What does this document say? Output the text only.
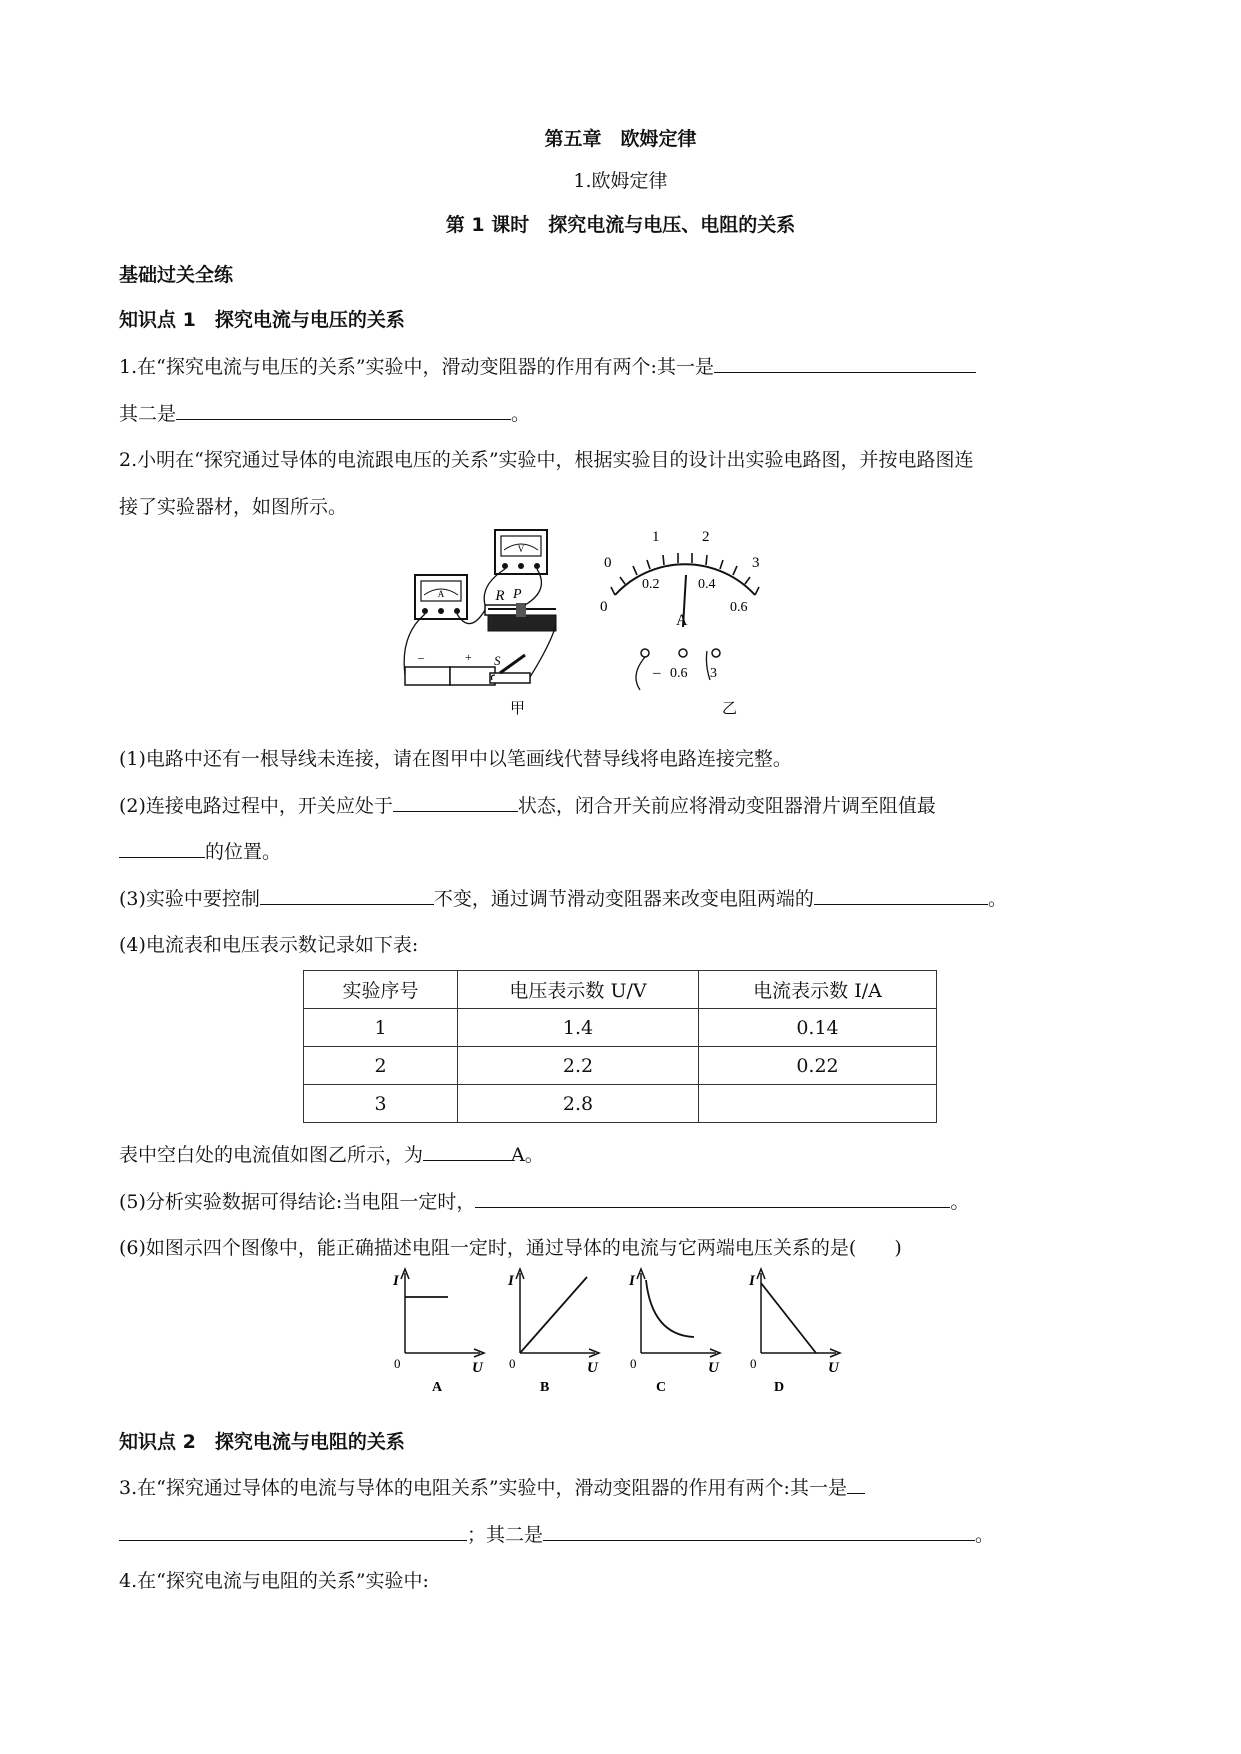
第五章　欧姆定律
1.欧姆定律
第 1 课时　探究电流与电压、电阻的关系
基础过关全练
知识点 1　探究电流与电压的关系
1.在“探究电流与电压的关系”实验中，滑动变阻器的作用有两个:其一是
其二是	。
2.小明在“探究通过导体的电流跟电压的关系”实验中，根据实验目的设计出实验电路图，并按电路图连
接了实验器材，如图所示。
A
V
R P
–	+ S
0
1	2
3
0
0.2	0.4
0.6
A
– 0.6 3
甲	乙
(1)电路中还有一根导线未连接，请在图甲中以笔画线代替导线将电路连接完整。
(2)连接电路过程中，开关应处于	状态，闭合开关前应将滑动变阻器滑片调至阻值最
的位置。
(3)实验中要控制	不变，通过调节滑动变阻器来改变电阻两端的	。
(4)电流表和电压表示数记录如下表:
实验序号	电压表示数 U/V	电流表示数 I/A
1	1.4	0.14
2	2.2	0.22
3	2.8	
表中空白处的电流值如图乙所示，为	A。
(5)分析实验数据可得结论:当电阻一定时，	。
(6)如图示四个图像中，能正确描述电阻一定时，通过导体的电流与它两端电压关系的是(　　)
I
0	U
A
I
0	U
B
I
0	U
C
I
0	U
D
知识点 2　探究电流与电阻的关系
3.在“探究通过导体的电流与导体的电阻关系”实验中，滑动变阻器的作用有两个:其一是
；其二是	。
4.在“探究电流与电阻的关系”实验中:
